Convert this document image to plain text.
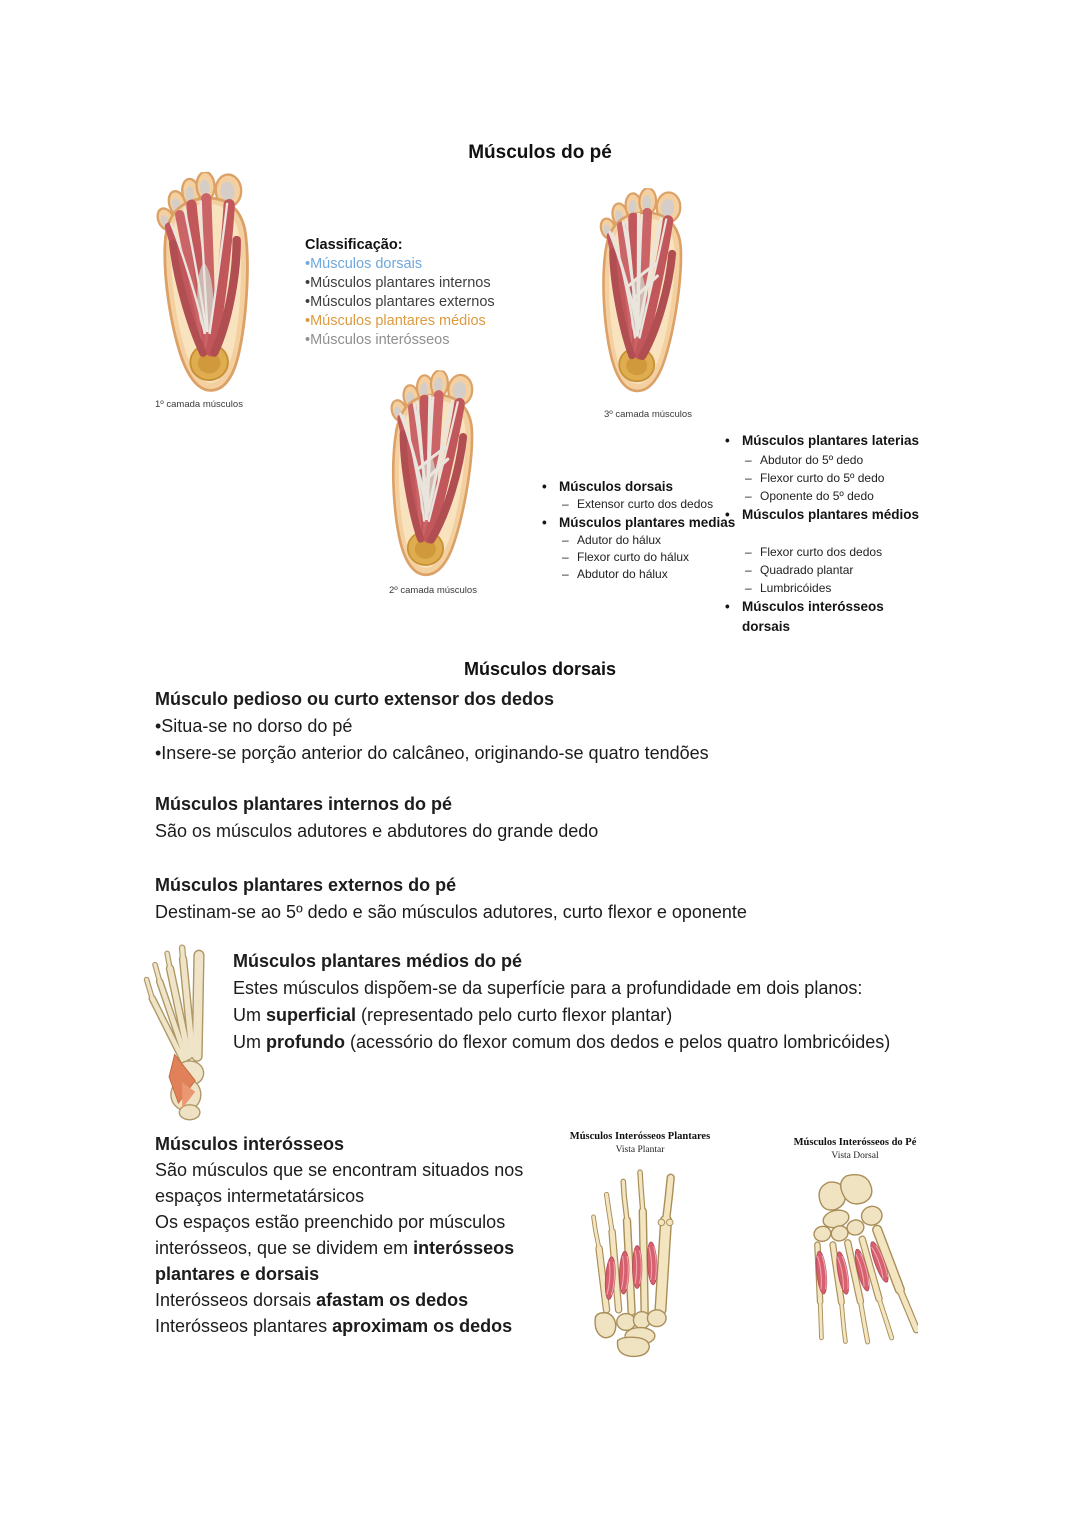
Músculos do pé
1º camada músculos
Classificação:
•Músculos dorsais
•Músculos plantares internos
•Músculos plantares externos
•Músculos plantares médios
•Músculos interósseos
3º camada músculos
2º camada músculos
• Músculos dorsais
– Extensor curto dos dedos
• Músculos plantares medias
– Adutor do hálux
– Flexor curto do hálux
– Abdutor do hálux
• Músculos plantares laterias
– Abdutor do 5º dedo
– Flexor curto do 5º dedo
– Oponente do 5º dedo
• Músculos plantares médios
– Flexor curto dos dedos
– Quadrado plantar
– Lumbricóides
• Músculos interósseos dorsais
Músculos dorsais

Músculo pedioso ou curto extensor dos dedos

•Situa-se no dorso do pé

•Insere-se porção anterior do calcâneo, originando-se quatro tendões

Músculos plantares internos do pé

São os músculos adutores e abdutores do grande dedo

Músculos plantares externos do pé

Destinam-se ao 5º dedo e são músculos adutores, curto flexor e oponente

Músculos plantares médios do pé

Estes músculos dispõem-se da superfície para a profundidade em dois planos:

Um superficial (representado pelo curto flexor plantar)

Um profundo (acessório do flexor comum dos dedos e pelos quatro lombricóides)

Músculos interósseos

São músculos que se encontram situados nos

espaços intermetatársicos

Os espaços estão preenchido por músculos

interósseos, que se dividem em interósseos

plantares e dorsais

Interósseos dorsais afastam os dedos

Interósseos plantares aproximam os dedos

Músculos Interósseos Plantares
Vista Plantar
Músculos Interósseos do Pé
Vista Dorsal
